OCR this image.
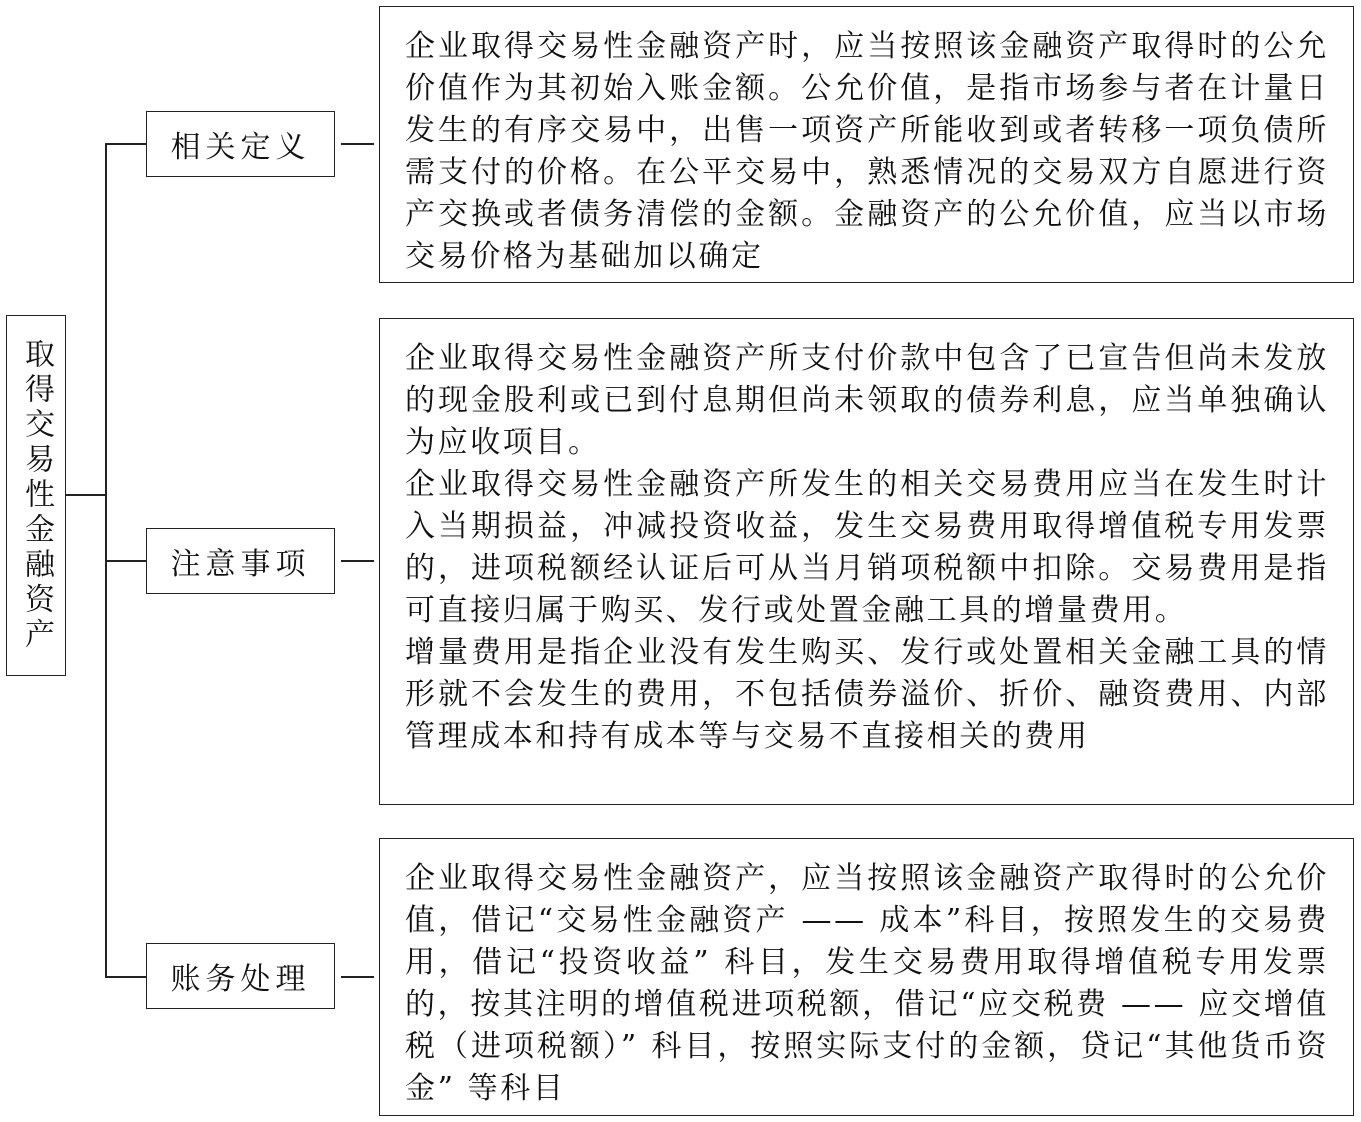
取得交易性金融资产
相关定义

企业取得交易性金融资产时，应当按照该金融资产取得时的公允价值作为其初始入账金额。公允价值，是指市场参与者在计量日发生的有序交易中，出售一项资产所能收到或者转移一项负债所需支付的价格。在公平交易中，熟悉情况的交易双方自愿进行资产交换或者债务清偿的金额。金融资产的公允价值，应当以市场交易价格为基础加以确定

注意事项

企业取得交易性金融资产所支付价款中包含了已宣告但尚未发放的现金股利或已到付息期但尚未领取的债券利息，应当单独确认为应收项目。

企业取得交易性金融资产所发生的相关交易费用应当在发生时计入当期损益，冲减投资收益，发生交易费用取得增值税专用发票的，进项税额经认证后可从当月销项税额中扣除。交易费用是指可直接归属于购买、发行或处置金融工具的增量费用。

增量费用是指企业没有发生购买、发行或处置相关金融工具的情形就不会发生的费用，不包括债券溢价、折价、融资费用、内部管理成本和持有成本等与交易不直接相关的费用

账务处理

企业取得交易性金融资产，应当按照该金融资产取得时的公允价值，借记“交易性金融资产 —— 成本”科目，按照发生的交易费用，借记“投资收益” 科目，发生交易费用取得增值税专用发票的，按其注明的增值税进项税额，借记“应交税费 —— 应交增值税（进项税额）” 科目，按照实际支付的金额，贷记“其他货币资金” 等科目
